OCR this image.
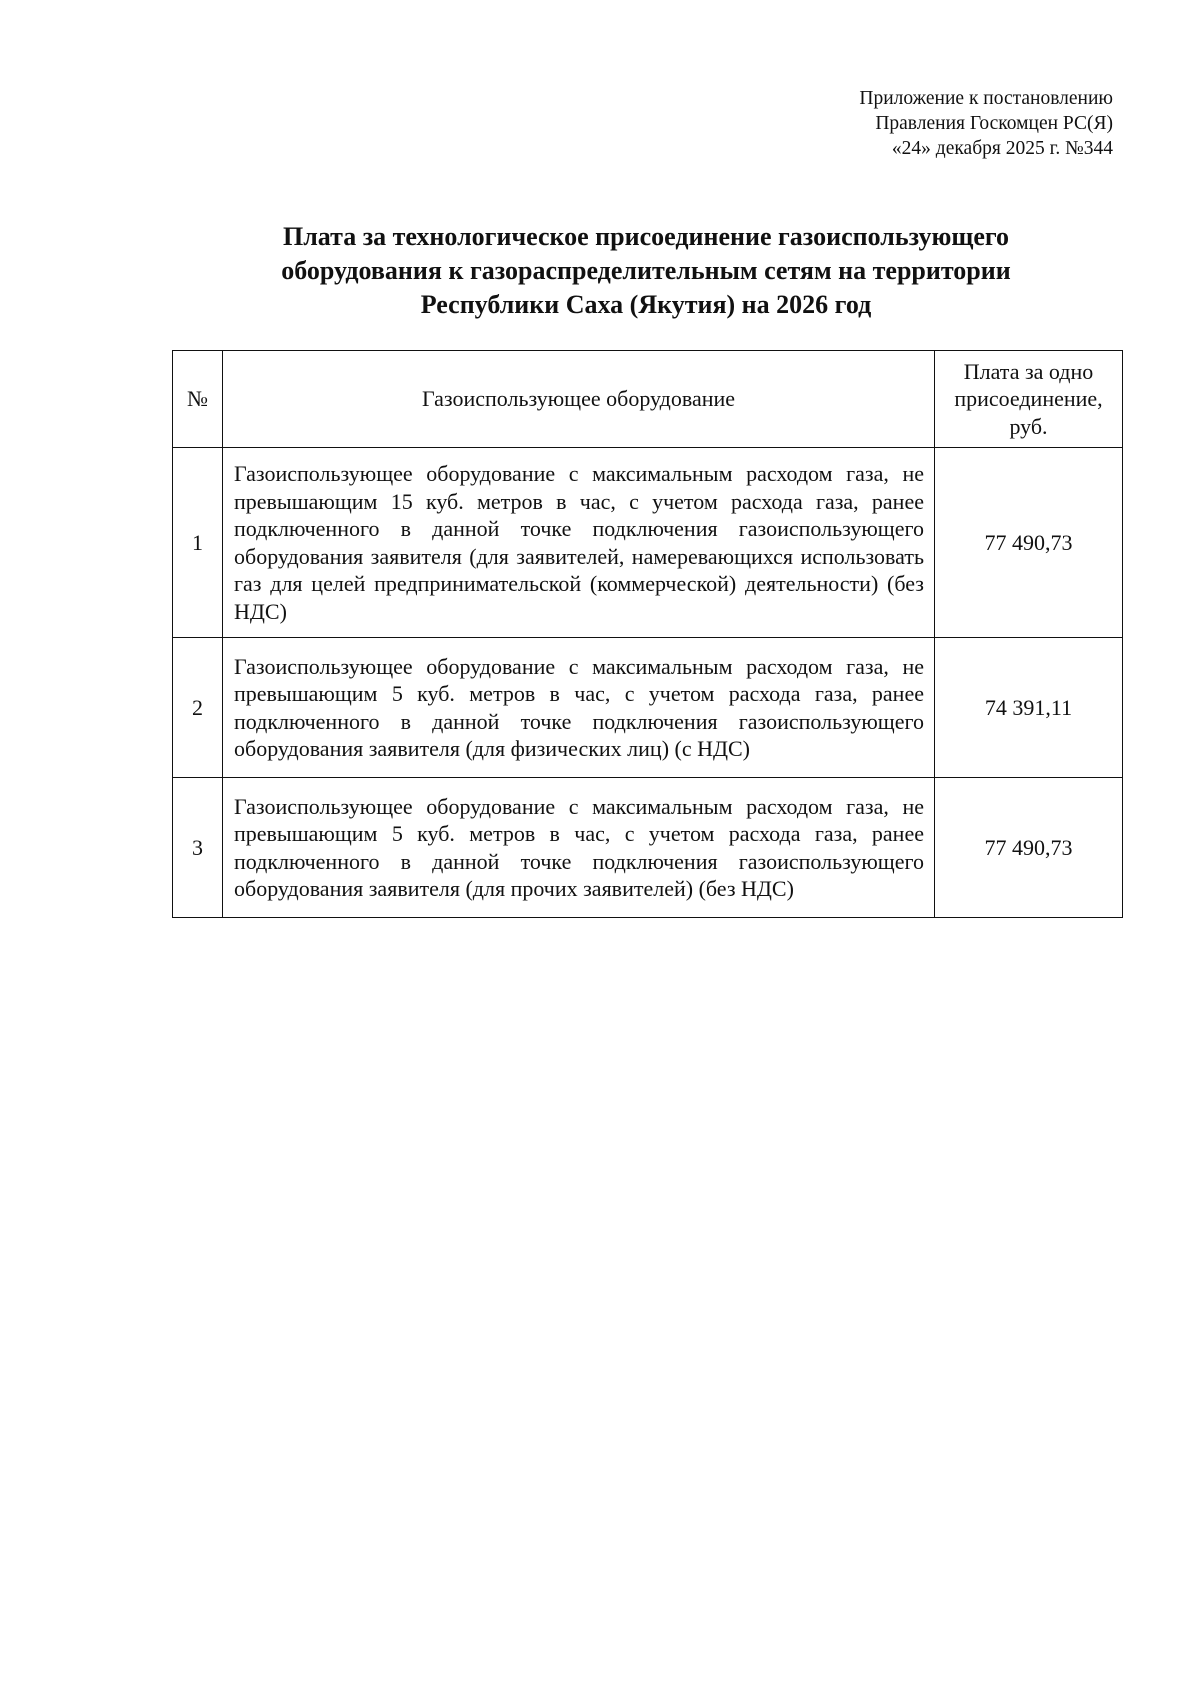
Приложение к постановлению
Правления Госкомцен РС(Я)
«24» декабря 2025 г. №344
Плата за технологическое присоединение газоиспользующего
оборудования к газораспределительным сетям на территории
Республики Саха (Якутия) на 2026 год
№	Газоиспользующее оборудование	Плата за одно присоединение, руб.
1	Газоиспользующее оборудование с максимальным расходом газа, не превышающим 15 куб. метров в час, с учетом расхода газа, ранее подключенного в данной точке подключения газоиспользующего оборудования заявителя (для заявителей, намеревающихся использовать газ для целей предпринимательской (коммерческой) деятельности) (без НДС)	77 490,73
2	Газоиспользующее оборудование с максимальным расходом газа, не превышающим 5 куб. метров в час, с учетом расхода газа, ранее подключенного в данной точке подключения газоиспользующего оборудования заявителя (для физических лиц) (с НДС)	74 391,11
3	Газоиспользующее оборудование с максимальным расходом газа, не превышающим 5 куб. метров в час, с учетом расхода газа, ранее подключенного в данной точке подключения газоиспользующего оборудования заявителя (для прочих заявителей) (без НДС)	77 490,73
